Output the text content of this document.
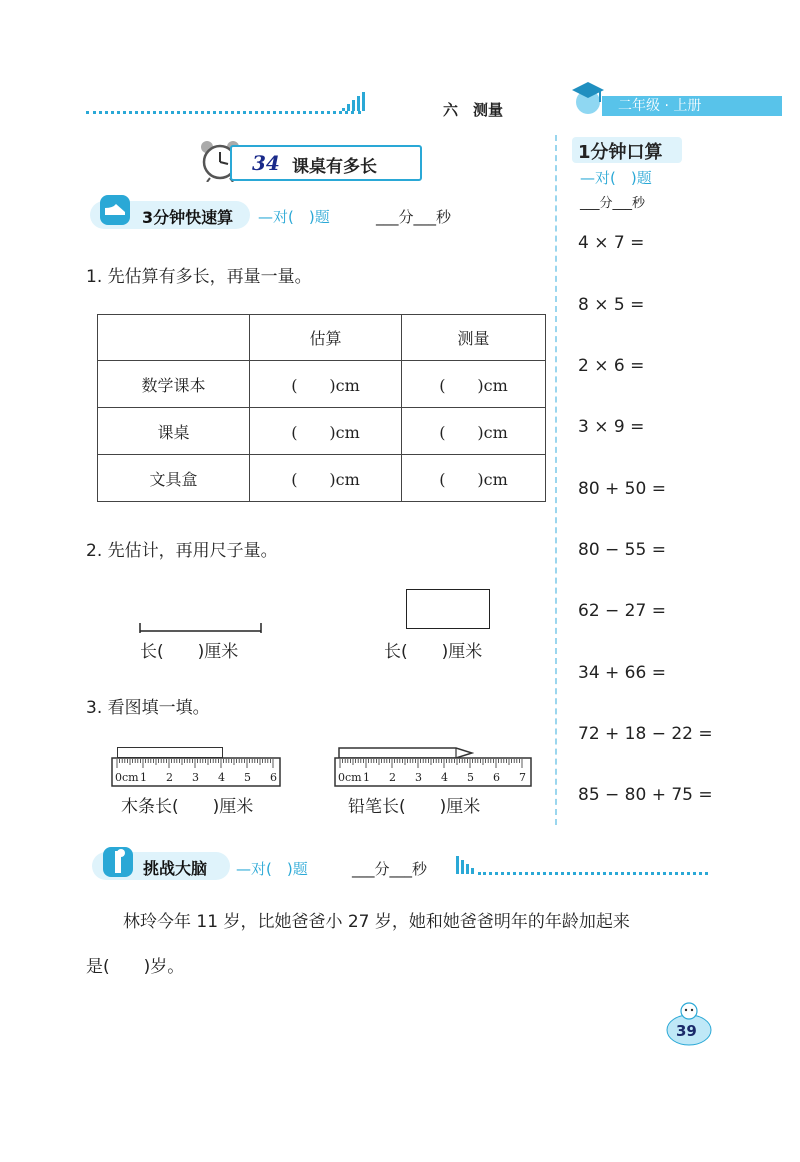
六　测量	二年级 · 上册
34 课桌有多长
3分钟快速算 —对(　)题	___分___秒
1. 先估算有多长，再量一量。
	估算	测量
数学课本	(　　)cm	(　　)cm
课桌	(　　)cm	(　　)cm
文具盒	(　　)cm	(　　)cm
2. 先估计，再用尺子量。
长(　　)厘米	长(　　)厘米
3. 看图填一填。
0cm 1 2 3 4 5 6
木条长(　　)厘米
0cm 1 2 3 4 5 6 7
铅笔长(　　)厘米
1分钟口算
—对(　)题
___分___秒
4 × 7 =
8 × 5 =
2 × 6 =
3 × 9 =
80 + 50 =
80 − 55 =
62 − 27 =
34 + 66 =
72 + 18 − 22 =
85 − 80 + 75 =
挑战大脑 —对(　)题	___分___秒
林玲今年 11 岁，比她爸爸小 27 岁，她和她爸爸明年的年龄加起来
是(　　)岁。
39
